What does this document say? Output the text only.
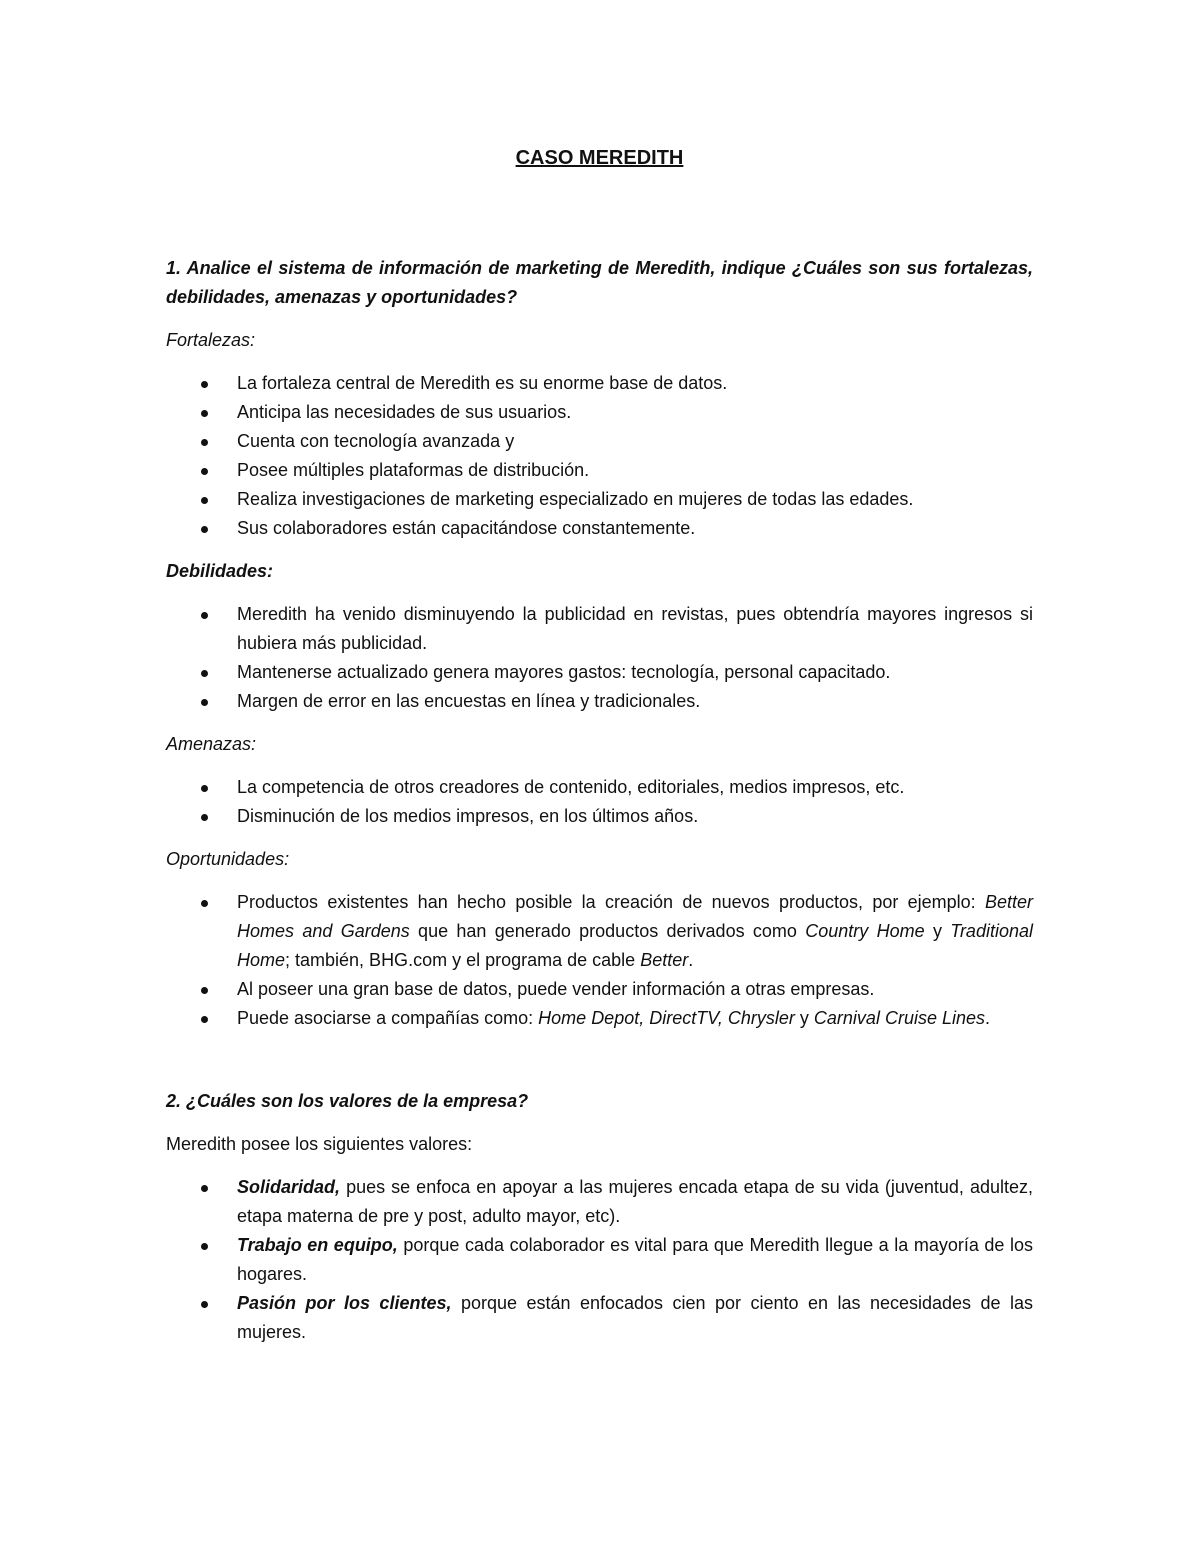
CASO MEREDITH

1. Analice el sistema de información de marketing de Meredith, indique ¿Cuáles son sus fortalezas, debilidades, amenazas y oportunidades?

Fortalezas:

La fortaleza central de Meredith es su enorme base de datos.
Anticipa las necesidades de sus usuarios.
Cuenta con tecnología avanzada y
Posee múltiples plataformas de distribución.
Realiza investigaciones de marketing especializado en mujeres de todas las edades.
Sus colaboradores están capacitándose constantemente.

Debilidades:

Meredith ha venido disminuyendo la publicidad en revistas, pues obtendría mayores ingresos si hubiera más publicidad.
Mantenerse actualizado genera mayores gastos: tecnología, personal capacitado.
Margen de error en las encuestas en línea y tradicionales.

Amenazas:

La competencia de otros creadores de contenido, editoriales, medios impresos, etc.
Disminución de los medios impresos, en los últimos años.

Oportunidades:

Productos existentes han hecho posible la creación de nuevos productos, por ejemplo: Better Homes and Gardens que han generado productos derivados como Country Home y Traditional Home; también, BHG.com y el programa de cable Better.
Al poseer una gran base de datos, puede vender información a otras empresas.
Puede asociarse a compañías como: Home Depot, DirectTV, Chrysler y Carnival Cruise Lines.

2. ¿Cuáles son los valores de la empresa?

Meredith posee los siguientes valores:

Solidaridad, pues se enfoca en apoyar a las mujeres encada etapa de su vida (juventud, adultez, etapa materna de pre y post, adulto mayor, etc).
Trabajo en equipo, porque cada colaborador es vital para que Meredith llegue a la mayoría de los hogares.
Pasión por los clientes, porque están enfocados cien por ciento en las necesidades de las mujeres.
